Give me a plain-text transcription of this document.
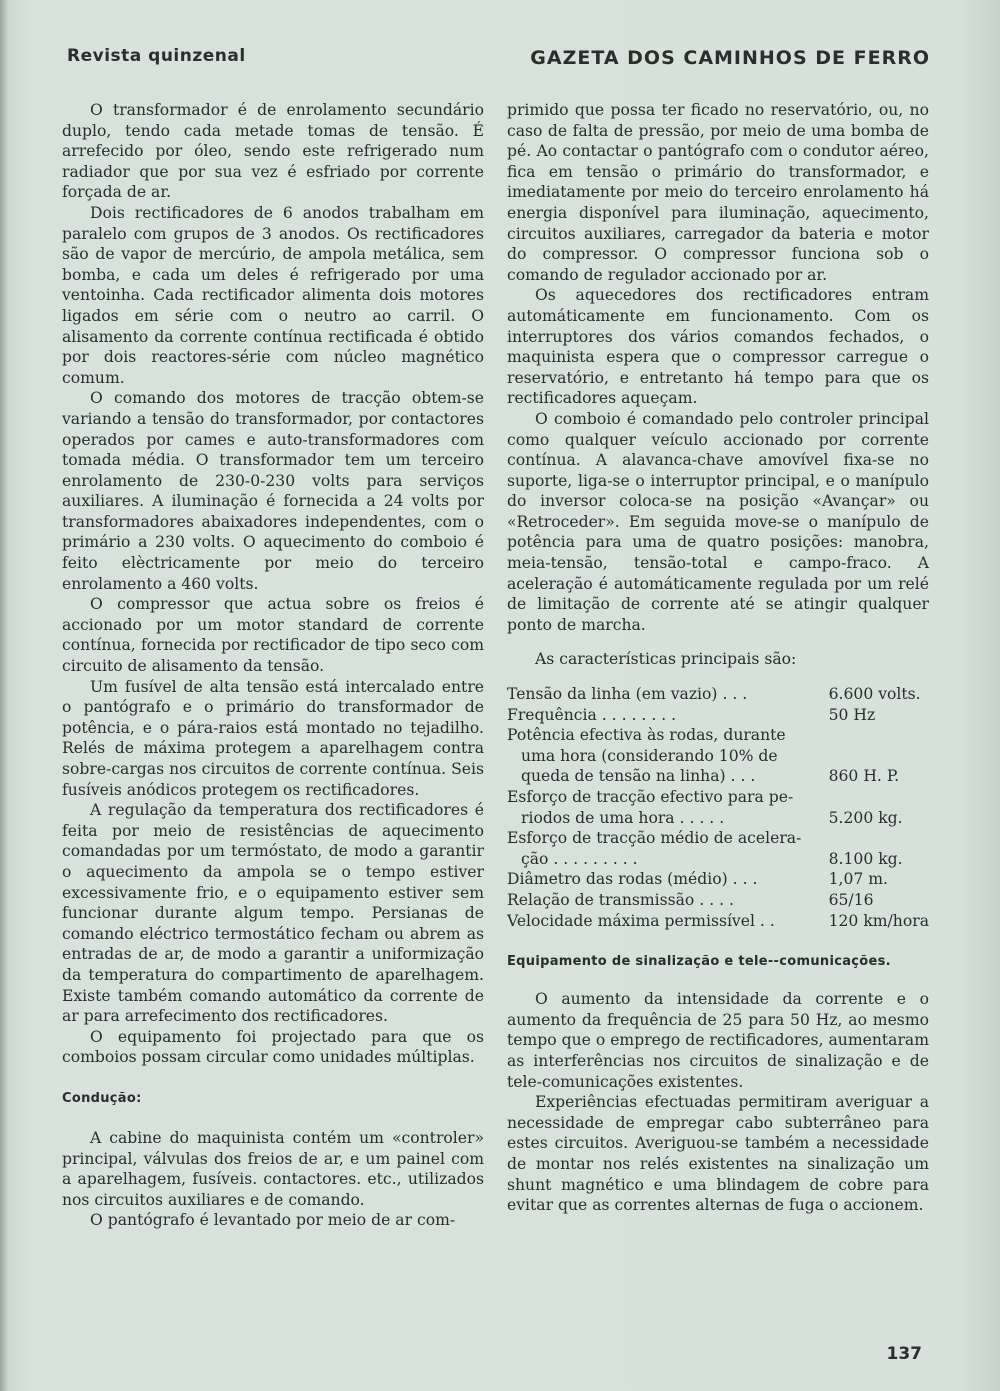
Revista quinzenal	GAZETA DOS CAMINHOS DE FERRO

O transformador é de enrolamento secundário duplo, tendo cada metade tomas de tensão. É arrefecido por óleo, sendo este refrigerado num radiador que por sua vez é esfriado por corrente forçada de ar.

Dois rectificadores de 6 anodos trabalham em paralelo com grupos de 3 anodos. Os rectificadores são de vapor de mercúrio, de ampola metálica, sem bomba, e cada um deles é refrigerado por uma ventoinha. Cada rectificador alimenta dois motores ligados em série com o neutro ao carril. O alisamento da corrente contínua rectificada é obtido por dois reactores-série com núcleo magnético comum.

O comando dos motores de tracção obtem-se variando a tensão do transformador, por contactores operados por cames e auto-transformadores com tomada média. O transformador tem um terceiro enrolamento de 230-0-230 volts para serviços auxiliares. A iluminação é fornecida a 24 volts por transformadores abaixadores independentes, com o primário a 230 volts. O aquecimento do comboio é feito elèctricamente por meio do terceiro enrolamento a 460 volts.

O compressor que actua sobre os freios é accionado por um motor standard de corrente contínua, fornecida por rectificador de tipo seco com circuito de alisamento da tensão.

Um fusível de alta tensão está intercalado entre o pantógrafo e o primário do transformador de potência, e o pára-raios está montado no tejadilho. Relés de máxima protegem a aparelhagem contra sobre-cargas nos circuitos de corrente contínua. Seis fusíveis anódicos protegem os rectificadores.

A regulação da temperatura dos rectificadores é feita por meio de resistências de aquecimento comandadas por um termóstato, de modo a garantir o aquecimento da ampola se o tempo estiver excessivamente frio, e o equipamento estiver sem funcionar durante algum tempo. Persianas de comando eléctrico termostático fecham ou abrem as entradas de ar, de modo a garantir a uniformização da temperatura do compartimento de aparelhagem. Existe também comando automático da corrente de ar para arrefecimento dos rectificadores.

O equipamento foi projectado para que os comboios possam circular como unidades múltiplas.

Condução:

A cabine do maquinista contém um «controler» principal, válvulas dos freios de ar, e um painel com a aparelhagem, fusíveis. contactores. etc., utilizados nos circuitos auxiliares e de comando.

O pantógrafo é levantado por meio de ar com-

primido que possa ter ficado no reservatório, ou, no caso de falta de pressão, por meio de uma bomba de pé. Ao contactar o pantógrafo com o condutor aéreo, fica em tensão o primário do transformador, e imediatamente por meio do terceiro enrolamento há energia disponível para iluminação, aquecimento, circuitos auxiliares, carregador da bateria e motor do compressor. O compressor funciona sob o comando de regulador accionado por ar.

Os aquecedores dos rectificadores entram automáticamente em funcionamento. Com os interruptores dos vários comandos fechados, o maquinista espera que o compressor carregue o reservatório, e entretanto há tempo para que os rectificadores aqueçam.

O comboio é comandado pelo controler principal como qualquer veículo accionado por corrente contínua. A alavanca-chave amovível fixa-se no suporte, liga-se o interruptor principal, e o manípulo do inversor coloca-se na posição «Avançar» ou «Retroceder». Em seguida move-se o manípulo de potência para uma de quatro posições: manobra, meia-tensão, tensão-total e campo-fraco. A aceleração é automáticamente regulada por um relé de limitação de corrente até se atingir qualquer ponto de marcha.

As características principais são:

Tensão da linha (em vazio) . . .	6.600 volts.
Frequência . . . . . . . .	50 Hz
Potência efectiva às rodas, durante
uma hora (considerando 10% de queda de tensão na linha) . . .	860 H. P.
Esforço de tracção efectivo para pe-
riodos de uma hora . . . . .	5.200 kg.
Esforço de tracção médio de acelera-
ção . . . . . . . . .	8.100 kg.
Diâmetro das rodas (médio) . . .	1,07 m.
Relação de transmissão . . . .	65/16
Velocidade máxima permissível . .	120 km/hora
Equipamento de sinalização e tele--comunicações.

O aumento da intensidade da corrente e o aumento da frequência de 25 para 50 Hz, ao mesmo tempo que o emprego de rectificadores, aumentaram as interferências nos circuitos de sinalização e de tele-comunicações existentes.

Experiências efectuadas permitiram averiguar a necessidade de empregar cabo subterrâneo para estes circuitos. Averiguou-se também a necessidade de montar nos relés existentes na sinalização um shunt magnético e uma blindagem de cobre para evitar que as correntes alternas de fuga o accionem.

137
